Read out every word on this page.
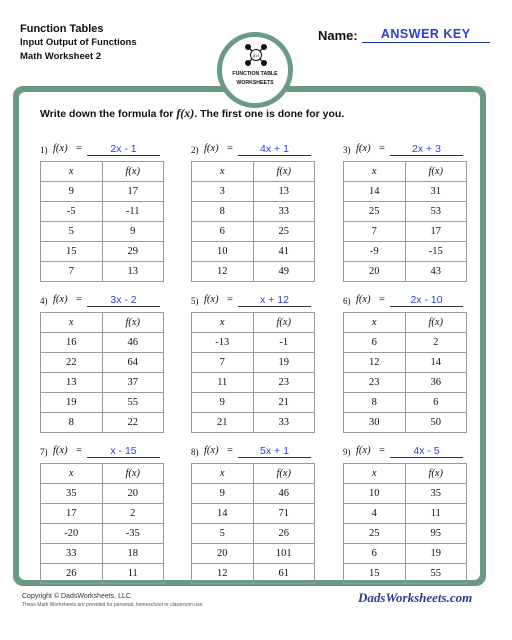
Function Tables
Input Output of Functions
Math Worksheet 2
Name:	ANSWER KEY
f(x)
FUNCTION TABLE
WORKSHEETS
Write down the formula for f(x). The first one is done for you.
1) f(x) =	2x - 1
x	f(x)
9	17
-5	-11
5	9
15	29
7	13
2) f(x) =	4x + 1
x	f(x)
3	13
8	33
6	25
10	41
12	49
3) f(x) =	2x + 3
x	f(x)
14	31
25	53
7	17
-9	-15
20	43
4) f(x) =	3x - 2
x	f(x)
16	46
22	64
13	37
19	55
8	22
5) f(x) =	x + 12
x	f(x)
-13	-1
7	19
11	23
9	21
21	33
6) f(x) =	2x - 10
x	f(x)
6	2
12	14
23	36
8	6
30	50
7) f(x) =	x - 15
x	f(x)
35	20
17	2
-20	-35
33	18
26	11
8) f(x) =	5x + 1
x	f(x)
9	46
14	71
5	26
20	101
12	61
9) f(x) =	4x - 5
x	f(x)
10	35
4	11
25	95
6	19
15	55
Copyright © DadsWorksheets, LLC
These Math Worksheets are provided for personal, homeschool or classroom use.	DadsWorksheets.com
